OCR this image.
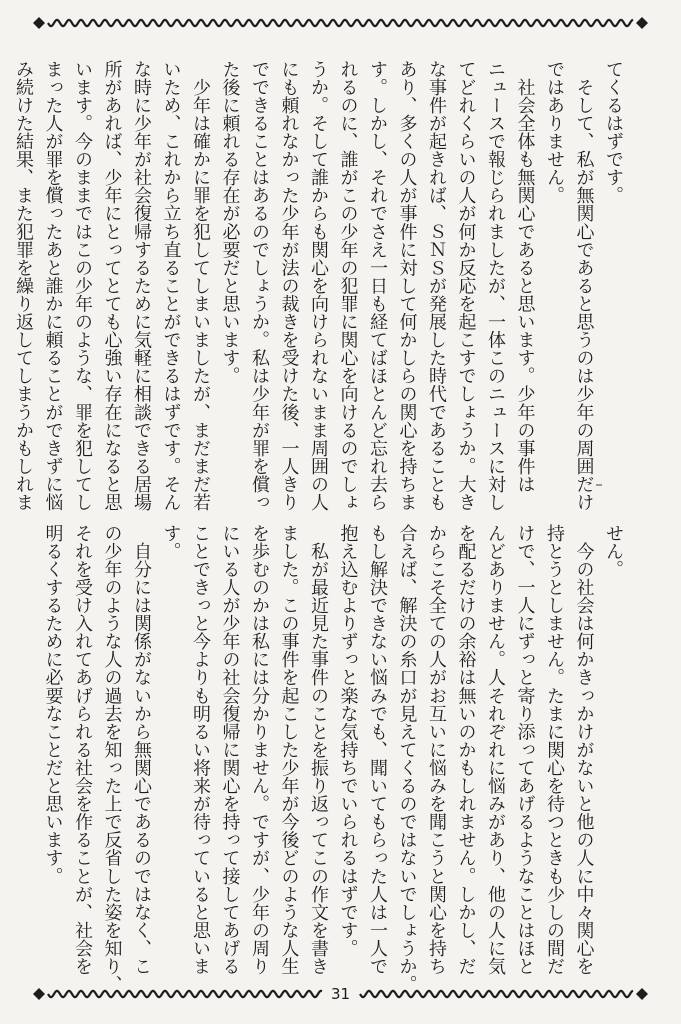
てくるはずです。
　そして、私が無関心であると思うのは少年の周囲だけ
ではありません。
　社会全体も無関心であると思います。少年の事件は
ニュースで報じられましたが、一体このニュースに対し
てどれくらいの人が何か反応を起こすでしょうか。大き
な事件が起きれば、ＳＮＳが発展した時代であることも
あり、多くの人が事件に対して何かしらの関心を持ちま
す。しかし、それでさえ一日も経てばほとんど忘れ去ら
れるのに、誰がこの少年の犯罪に関心を向けるのでしょ
うか。そして誰からも関心を向けられないまま周囲の人
にも頼れなかった少年が法の裁きを受けた後、一人きり
でできることはあるのでしょうか。私は少年が罪を償っ
た後に頼れる存在が必要だと思います。
　少年は確かに罪を犯してしまいましたが、まだまだ若
いため、これから立ち直ることができるはずです。そん
な時に少年が社会復帰するために気軽に相談できる居場
所があれば、少年にとってとても心強い存在になると思
います。今のままではこの少年のような、罪を犯してし
まった人が罪を償ったあと誰かに頼ることができずに悩
み続けた結果、また犯罪を繰り返してしまうかもしれま
せん。
　今の社会は何かきっかけがないと他の人に中々関心を
持とうとしません。たまに関心を待つときも少しの間だ
けで、一人にずっと寄り添ってあげるようなことはほと
んどありません。人それぞれに悩みがあり、他の人に気
を配るだけの余裕は無いのかもしれません。しかし、だ
からこそ全ての人がお互いに悩みを聞こうと関心を持ち
合えば、解決の糸口が見えてくるのではないでしょうか。
もし解決できない悩みでも、聞いてもらった人は一人で
抱え込むよりずっと楽な気持ちでいられるはずです。
　私が最近見た事件のことを振り返ってこの作文を書き
ました。この事件を起こした少年が今後どのような人生
を歩むのかは私には分かりません。ですが、少年の周り
にいる人が少年の社会復帰に関心を持って接してあげる
ことできっと今よりも明るい将来が待っていると思いま
す。
　自分には関係がないから無関心であるのではなく、こ
の少年のような人の過去を知った上で反省した姿を知り、
それを受け入れてあげられる社会を作ることが、社会を
明るくするために必要なことだと思います。
31
